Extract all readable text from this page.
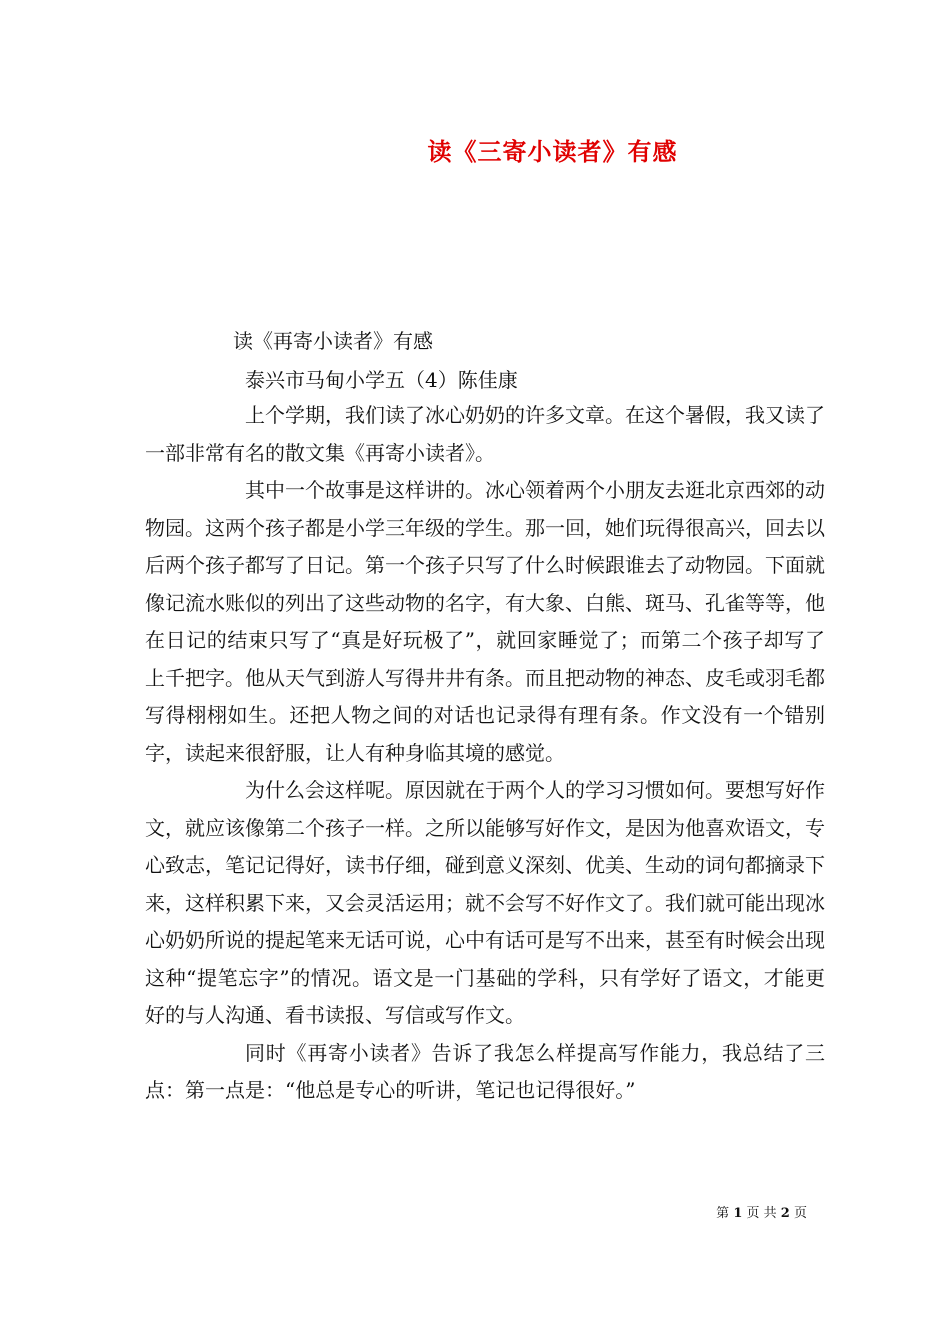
读《三寄小读者》有感
读《再寄小读者》有感
泰兴市马甸小学五（4）陈佳康

上个学期，我们读了冰心奶奶的许多文章。在这个暑假，我又读了一部非常有名的散文集《再寄小读者》。

其中一个故事是这样讲的。冰心领着两个小朋友去逛北京西郊的动物园。这两个孩子都是小学三年级的学生。那一回，她们玩得很高兴，回去以后两个孩子都写了日记。第一个孩子只写了什么时候跟谁去了动物园。下面就像记流水账似的列出了这些动物的名字，有大象、白熊、斑马、孔雀等等，他在日记的结束只写了“真是好玩极了”，就回家睡觉了；而第二个孩子却写了上千把字。他从天气到游人写得井井有条。而且把动物的神态、皮毛或羽毛都写得栩栩如生。还把人物之间的对话也记录得有理有条。作文没有一个错别字，读起来很舒服，让人有种身临其境的感觉。

为什么会这样呢。原因就在于两个人的学习习惯如何。要想写好作文，就应该像第二个孩子一样。之所以能够写好作文，是因为他喜欢语文，专心致志，笔记记得好，读书仔细，碰到意义深刻、优美、生动的词句都摘录下来，这样积累下来，又会灵活运用；就不会写不好作文了。我们就可能出现冰心奶奶所说的提起笔来无话可说，心中有话可是写不出来，甚至有时候会出现这种“提笔忘字”的情况。语文是一门基础的学科，只有学好了语文，才能更好的与人沟通、看书读报、写信或写作文。

同时《再寄小读者》告诉了我怎么样提高写作能力，我总结了三点：第一点是：“他总是专心的听讲，笔记也记得很好。”

第 1 页 共 2 页
